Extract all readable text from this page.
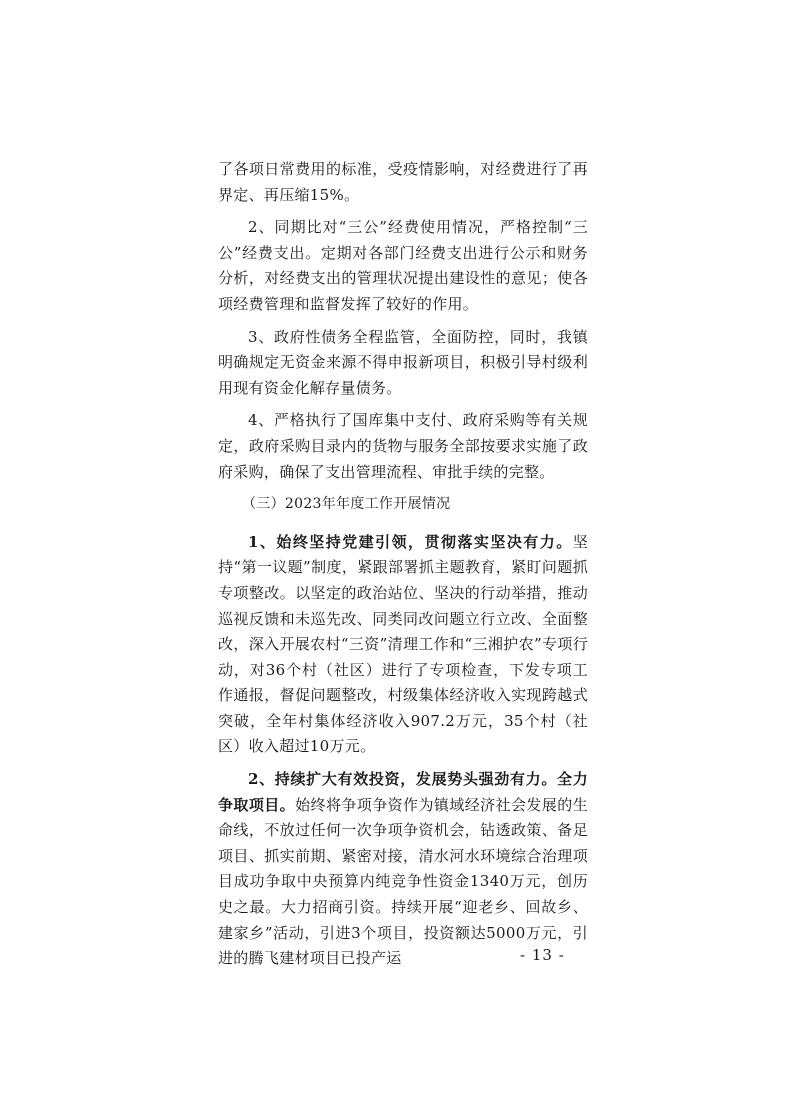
了各项日常费用的标准，受疫情影响，对经费进行了再界定、再压缩15%。

2、同期比对“三公”经费使用情况，严格控制“三公”经费支出。定期对各部门经费支出进行公示和财务分析，对经费支出的管理状况提出建设性的意见；使各项经费管理和监督发挥了较好的作用。

3、政府性债务全程监管，全面防控，同时，我镇明确规定无资金来源不得申报新项目，积极引导村级利用现有资金化解存量债务。

4、严格执行了国库集中支付、政府采购等有关规定，政府采购目录内的货物与服务全部按要求实施了政府采购，确保了支出管理流程、审批手续的完整。

（三）2023年年度工作开展情况

1、始终坚持党建引领，贯彻落实坚决有力。坚持“第一议题”制度，紧跟部署抓主题教育，紧盯问题抓专项整改。以坚定的政治站位、坚决的行动举措，推动巡视反馈和未巡先改、同类同改问题立行立改、全面整改，深入开展农村“三资”清理工作和“三湘护农”专项行动，对36个村（社区）进行了专项检查，下发专项工作通报，督促问题整改，村级集体经济收入实现跨越式突破，全年村集体经济收入907.2万元，35个村（社区）收入超过10万元。

2、持续扩大有效投资，发展势头强劲有力。全力争取项目。始终将争项争资作为镇域经济社会发展的生命线，不放过任何一次争项争资机会，钻透政策、备足项目、抓实前期、紧密对接，清水河水环境综合治理项目成功争取中央预算内纯竞争性资金1340万元，创历史之最。大力招商引资。持续开展“迎老乡、回故乡、建家乡”活动，引进3个项目，投资额达5000万元，引进的腾飞建材项目已投产运	- 13 -
